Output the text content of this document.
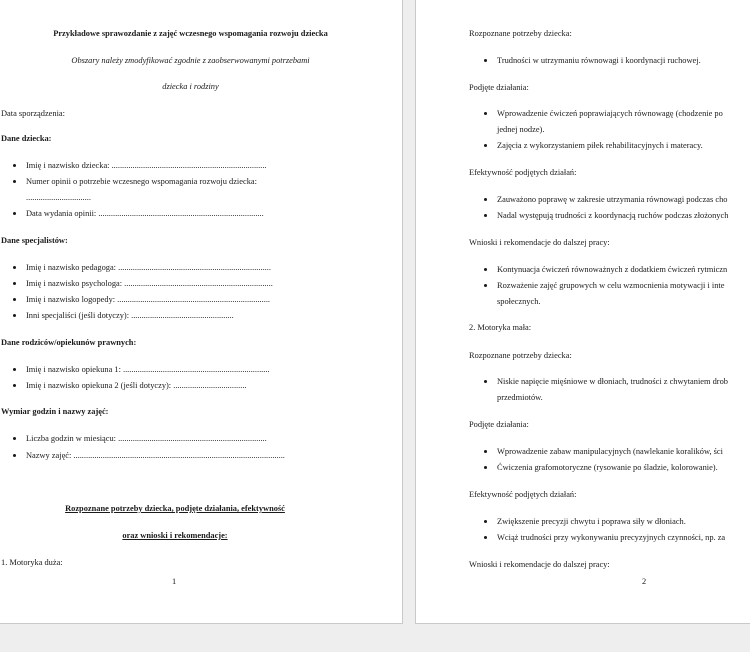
Przykładowe sprawozdanie z zajęć wczesnego wspomagania rozwoju dziecka
Obszary należy zmodyfikować zgodnie z zaobserwowanymi potrzebami
dziecka i rodziny
Data sporządzenia:
Dane dziecka:
Imię i nazwisko dziecka: ..........................................................................
Numer opinii o potrzebie wczesnego wspomagania rozwoju dziecka:
...............................
Data wydania opinii: ...............................................................................
Dane specjalistów:
Imię i nazwisko pedagoga: .........................................................................
Imię i nazwisko psychologa: .......................................................................
Imię i nazwisko logopedy: .........................................................................
Inni specjaliści (jeśli dotyczy): .................................................
Dane rodziców/opiekunów prawnych:
Imię i nazwisko opiekuna 1: ......................................................................
Imię i nazwisko opiekuna 2 (jeśli dotyczy): ...................................
Wymiar godzin i nazwy zajęć:
Liczba godzin w miesiącu: .......................................................................
Nazwy zajęć: .....................................................................................................
Rozpoznane potrzeby dziecka, podjęte działania, efektywność
oraz wnioski i rekomendacje:
1. Motoryka duża:
1
Rozpoznane potrzeby dziecka:
Trudności w utrzymaniu równowagi i koordynacji ruchowej.
Podjęte działania:
Wprowadzenie ćwiczeń poprawiających równowagę (chodzenie po
jednej nodze).
Zajęcia z wykorzystaniem piłek rehabilitacyjnych i materacy.
Efektywność podjętych działań:
Zauważono poprawę w zakresie utrzymania równowagi podczas cho
Nadal występują trudności z koordynacją ruchów podczas złożonych
Wnioski i rekomendacje do dalszej pracy:
Kontynuacja ćwiczeń równoważnych z dodatkiem ćwiczeń rytmiczn
Rozważenie zajęć grupowych w celu wzmocnienia motywacji i inte
społecznych.
2. Motoryka mała:
Rozpoznane potrzeby dziecka:
Niskie napięcie mięśniowe w dłoniach, trudności z chwytaniem drob
przedmiotów.
Podjęte działania:
Wprowadzenie zabaw manipulacyjnych (nawlekanie koralików, ści
Ćwiczenia grafomotoryczne (rysowanie po śladzie, kolorowanie).
Efektywność podjętych działań:
Zwiększenie precyzji chwytu i poprawa siły w dłoniach.
Wciąż trudności przy wykonywaniu precyzyjnych czynności, np. za
Wnioski i rekomendacje do dalszej pracy:
2
